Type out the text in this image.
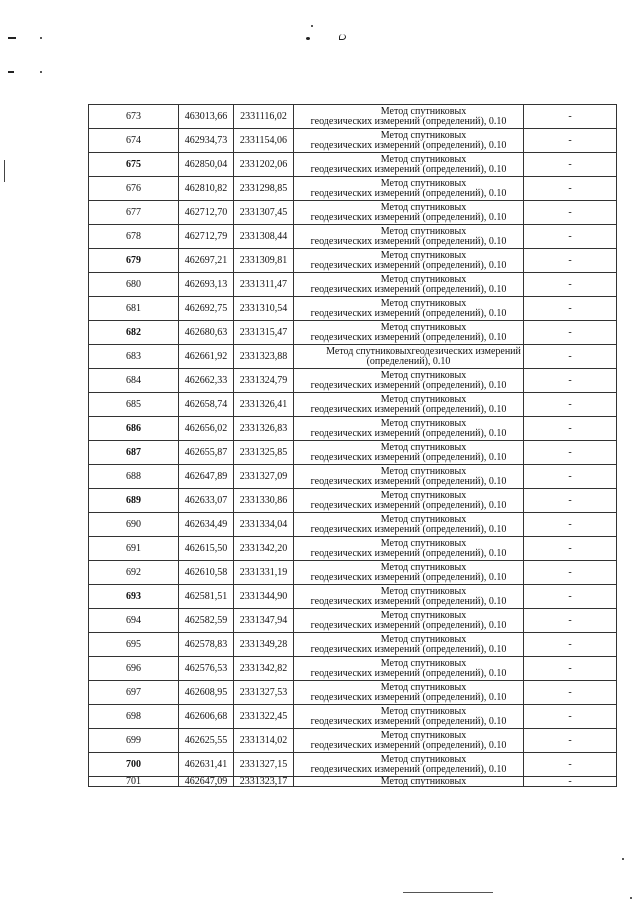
673	463013,66	2331116,02	Метод спутниковых
геодезических измерений (определений), 0.10	-
674	462934,73	2331154,06	Метод спутниковых
геодезических измерений (определений), 0.10	-
675	462850,04	2331202,06	Метод спутниковых
геодезических измерений (определений), 0.10	-
676	462810,82	2331298,85	Метод спутниковых
геодезических измерений (определений), 0.10	-
677	462712,70	2331307,45	Метод спутниковых
геодезических измерений (определений), 0.10	-
678	462712,79	2331308,44	Метод спутниковых
геодезических измерений (определений), 0.10	-
679	462697,21	2331309,81	Метод спутниковых
геодезических измерений (определений), 0.10	-
680	462693,13	2331311,47	Метод спутниковых
геодезических измерений (определений), 0.10	-
681	462692,75	2331310,54	Метод спутниковых
геодезических измерений (определений), 0.10	-
682	462680,63	2331315,47	Метод спутниковых
геодезических измерений (определений), 0.10	-
683	462661,92	2331323,88	Метод спутниковыхгеодезических измерений
(определений), 0.10	-
684	462662,33	2331324,79	Метод спутниковых
геодезических измерений (определений), 0.10	-
685	462658,74	2331326,41	Метод спутниковых
геодезических измерений (определений), 0.10	-
686	462656,02	2331326,83	Метод спутниковых
геодезических измерений (определений), 0.10	-
687	462655,87	2331325,85	Метод спутниковых
геодезических измерений (определений), 0.10	-
688	462647,89	2331327,09	Метод спутниковых
геодезических измерений (определений), 0.10	-
689	462633,07	2331330,86	Метод спутниковых
геодезических измерений (определений), 0.10	-
690	462634,49	2331334,04	Метод спутниковых
геодезических измерений (определений), 0.10	-
691	462615,50	2331342,20	Метод спутниковых
геодезических измерений (определений), 0.10	-
692	462610,58	2331331,19	Метод спутниковых
геодезических измерений (определений), 0.10	-
693	462581,51	2331344,90	Метод спутниковых
геодезических измерений (определений), 0.10	-
694	462582,59	2331347,94	Метод спутниковых
геодезических измерений (определений), 0.10	-
695	462578,83	2331349,28	Метод спутниковых
геодезических измерений (определений), 0.10	-
696	462576,53	2331342,82	Метод спутниковых
геодезических измерений (определений), 0.10	-
697	462608,95	2331327,53	Метод спутниковых
геодезических измерений (определений), 0.10	-
698	462606,68	2331322,45	Метод спутниковых
геодезических измерений (определений), 0.10	-
699	462625,55	2331314,02	Метод спутниковых
геодезических измерений (определений), 0.10	-
700	462631,41	2331327,15	Метод спутниковых
геодезических измерений (определений), 0.10	-
701	462647,09	2331323,17	Метод спутниковых	-
